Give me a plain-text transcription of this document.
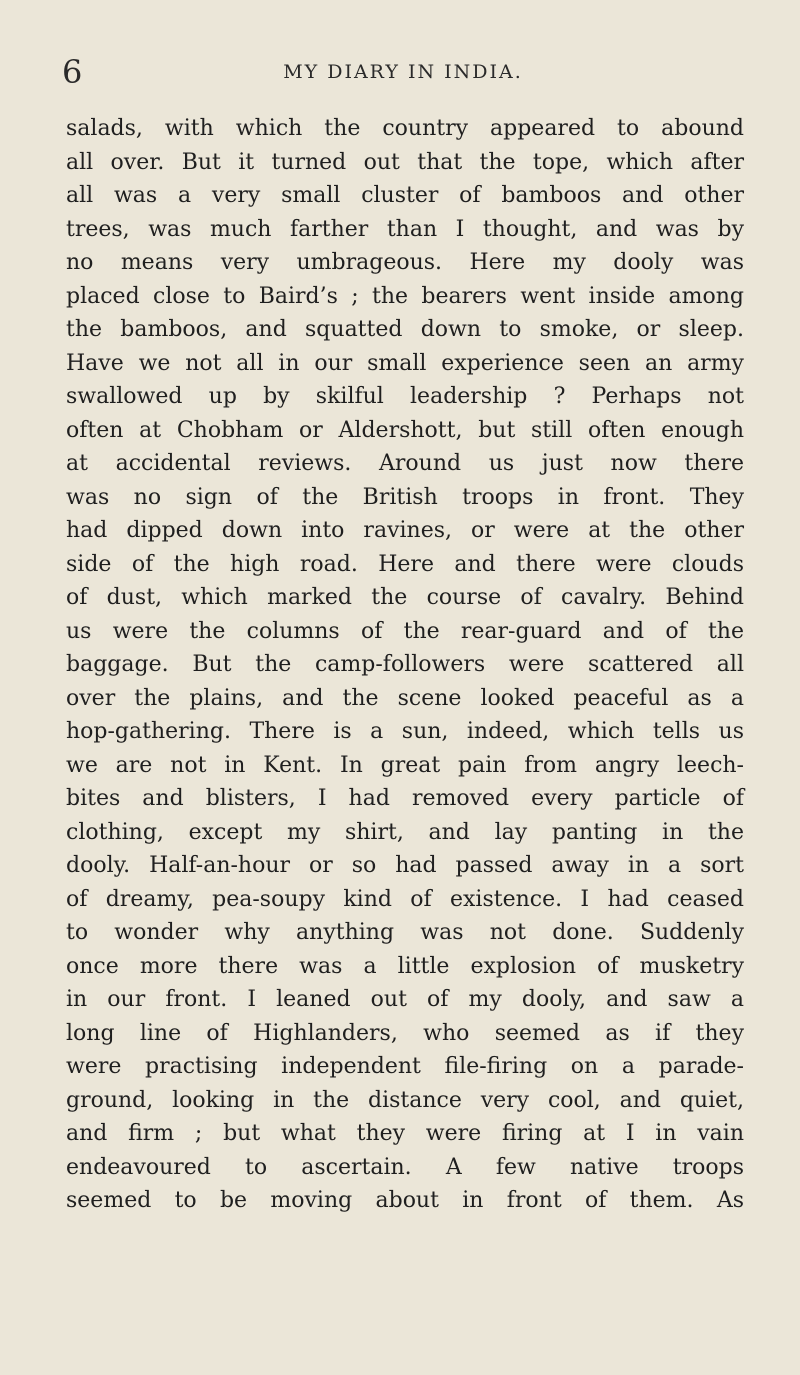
6	MY DIARY IN INDIA.
salads, with which the country appeared to abound
all over. But it turned out that the tope, which after
all was a very small cluster of bamboos and other
trees, was much farther than I thought, and was by
no means very umbrageous. Here my dooly was
placed close to Baird’s ; the bearers went inside among
the bamboos, and squatted down to smoke, or sleep.
Have we not all in our small experience seen an army
swallowed up by skilful leadership ? Perhaps not
often at Chobham or Aldershott, but still often enough
at accidental reviews. Around us just now there
was no sign of the British troops in front. They
had dipped down into ravines, or were at the other
side of the high road. Here and there were clouds
of dust, which marked the course of cavalry. Behind
us were the columns of the rear-guard and of the
baggage. But the camp-followers were scattered all
over the plains, and the scene looked peaceful as a
hop-gathering. There is a sun, indeed, which tells us
we are not in Kent. In great pain from angry leech-
bites and blisters, I had removed every particle of
clothing, except my shirt, and lay panting in the
dooly. Half-an-hour or so had passed away in a sort
of dreamy, pea-soupy kind of existence. I had ceased
to wonder why anything was not done. Suddenly
once more there was a little explosion of musketry
in our front. I leaned out of my dooly, and saw a
long line of Highlanders, who seemed as if they
were practising independent file-firing on a parade-
ground, looking in the distance very cool, and quiet,
and firm ; but what they were firing at I in vain
endeavoured to ascertain. A few native troops
seemed to be moving about in front of them. As
